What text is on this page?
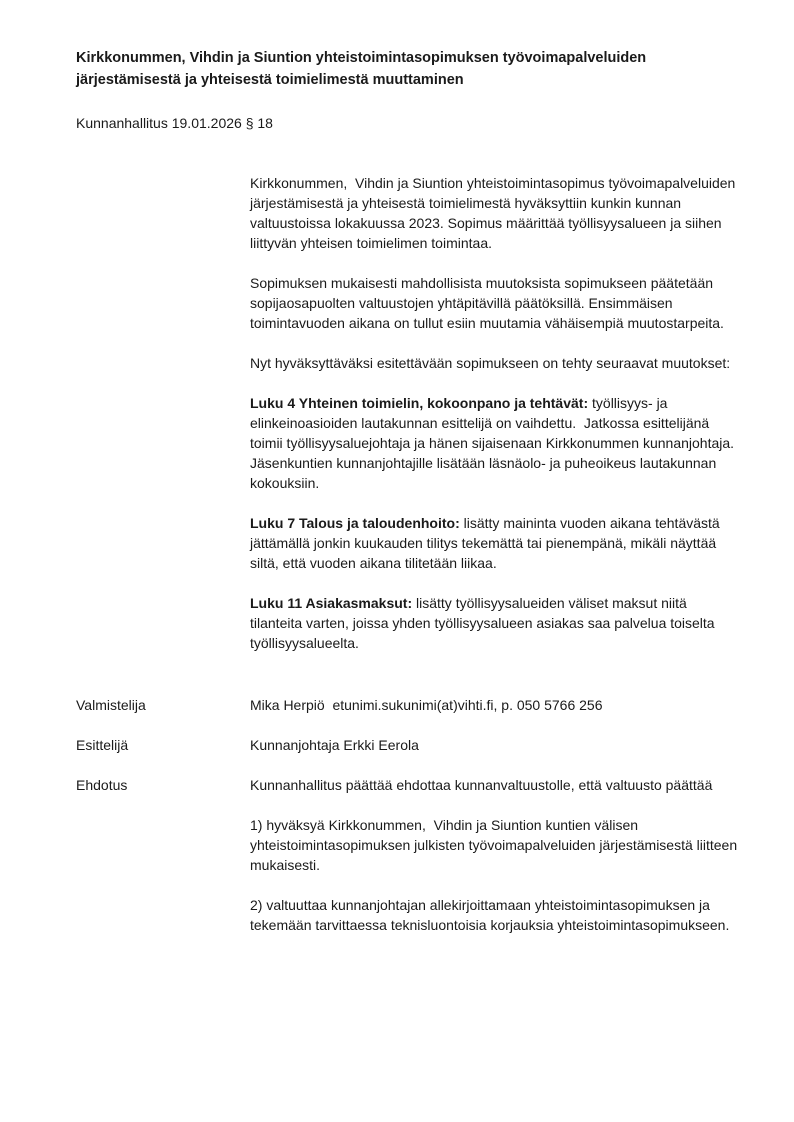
Kirkkonummen, Vihdin ja Siuntion yhteistoimintasopimuksen työvoimapalveluiden järjestämisestä ja yhteisestä toimielimestä muuttaminen

Kunnanhallitus 19.01.2026 § 18

Kirkkonummen,  Vihdin ja Siuntion yhteistoimintasopimus työvoimapalveluiden järjestämisestä ja yhteisestä toimielimestä hyväksyttiin kunkin kunnan valtuustoissa lokakuussa 2023. Sopimus määrittää työllisyysalueen ja siihen liittyvän yhteisen toimielimen toimintaa.

Sopimuksen mukaisesti mahdollisista muutoksista sopimukseen päätetään sopijaosapuolten valtuustojen yhtäpitävillä päätöksillä. Ensimmäisen toimintavuoden aikana on tullut esiin muutamia vähäisempiä muutostarpeita.

Nyt hyväksyttäväksi esitettävään sopimukseen on tehty seuraavat muutokset:

Luku 4 Yhteinen toimielin, kokoonpano ja tehtävät: työllisyys- ja elinkeinoasioiden lautakunnan esittelijä on vaihdettu.  Jatkossa esittelijänä toimii työllisyysaluejohtaja ja hänen sijaisenaan Kirkkonummen kunnanjohtaja.  Jäsenkuntien kunnanjohtajille lisätään läsnäolo- ja puheoikeus lautakunnan kokouksiin.

Luku 7 Talous ja taloudenhoito: lisätty maininta vuoden aikana tehtävästä jättämällä jonkin kuukauden tilitys tekemättä tai pienempänä, mikäli näyttää siltä, että vuoden aikana tilitetään liikaa.

Luku 11 Asiakasmaksut: lisätty työllisyysalueiden väliset maksut niitä tilanteita varten, joissa yhden työllisyysalueen asiakas saa palvelua toiselta työllisyysalueelta.

Valmistelija	Mika Herpiö  etunimi.sukunimi(at)vihti.fi, p. 050 5766 256
Esittelijä	Kunnanjohtaja Erkki Eerola
Ehdotus	Kunnanhallitus päättää ehdottaa kunnanvaltuustolle, että valtuusto päättää

1) hyväksyä Kirkkonummen,  Vihdin ja Siuntion kuntien välisen yhteistoimintasopimuksen julkisten työvoimapalveluiden järjestämisestä liitteen mukaisesti.

2) valtuuttaa kunnanjohtajan allekirjoittamaan yhteistoimintasopimuksen ja tekemään tarvittaessa teknisluontoisia korjauksia yhteistoimintasopimukseen.
